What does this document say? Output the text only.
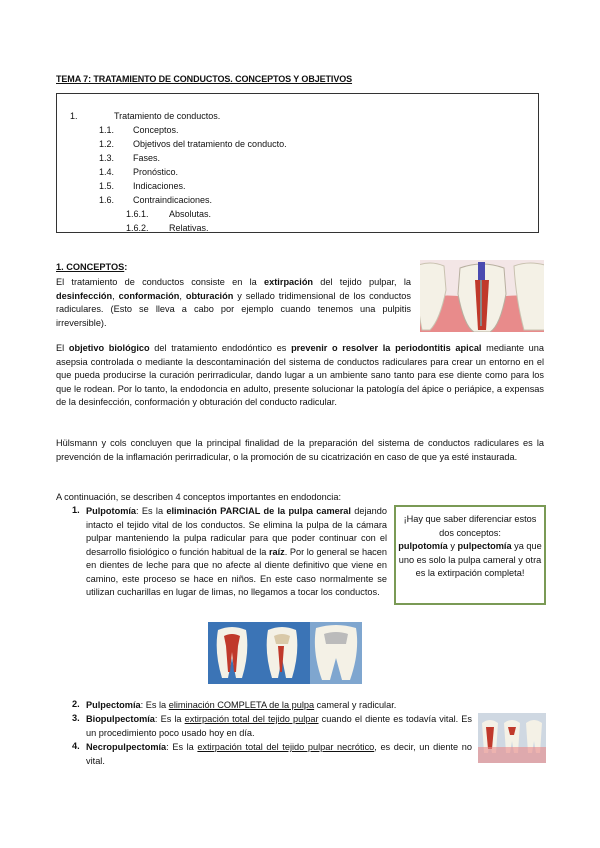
TEMA 7: TRATAMIENTO DE CONDUCTOS. CONCEPTOS Y OBJETIVOS
1.	Tratamiento de conductos.
1.1. Conceptos.
1.2. Objetivos del tratamiento de conducto.
1.3. Fases.
1.4. Pronóstico.
1.5. Indicaciones.
1.6. Contraindicaciones.
1.6.1. Absolutas.
1.6.2. Relativas.
1. CONCEPTOS:
El tratamiento de conductos consiste en la extirpación del tejido pulpar, la desinfección, conformación, obturación y sellado tridimensional de los conductos radiculares. (Esto se lleva a cabo por ejemplo cuando tenemos una pulpitis irreversible).
El objetivo biológico del tratamiento endodóntico es prevenir o resolver la periodontitis apical mediante una asepsia controlada o mediante la descontaminación del sistema de conductos radiculares para crear un entorno en el que pueda producirse la curación perirradicular, dando lugar a un ambiente sano tanto para ese diente como para los que le rodean. Por lo tanto, la endodoncia en adulto, presente solucionar la patología del ápice o periápice, a expensas de la desinfección, conformación y obturación del conducto radicular.
Hülsmann y cols concluyen que la principal finalidad de la preparación del sistema de conductos radiculares es la prevención de la inflamación perirradicular, o la promoción de su cicatrización en caso de que ya esté instaurada.
A continuación, se describen 4 conceptos importantes en endodoncia:
1. Pulpotomía: Es la eliminación PARCIAL de la pulpa cameral dejando intacto el tejido vital de los conductos. Se elimina la pulpa de la cámara pulpar manteniendo la pulpa radicular para que poder continuar con el desarrollo fisiológico o función habitual de la raíz. Por lo general se hacen en dientes de leche para que no afecte al diente definitivo que viene en camino, este proceso se hace en niños. En este caso normalmente se utilizan cucharillas en lugar de limas, no llegamos a tocar los conductos.
¡Hay que saber diferenciar estos dos conceptos:
pulpotomía y pulpectomía ya que uno es solo la pulpa cameral y otra es la extirpación completa!
2. Pulpectomía: Es la eliminación COMPLETA de la pulpa cameral y radicular.
3. Biopulpectomía: Es la extirpación total del tejido pulpar cuando el diente es todavía vital. Es un procedimiento poco usado hoy en día.
4. Necropulpectomía: Es la extirpación total del tejido pulpar necrótico, es decir, un diente no vital.
